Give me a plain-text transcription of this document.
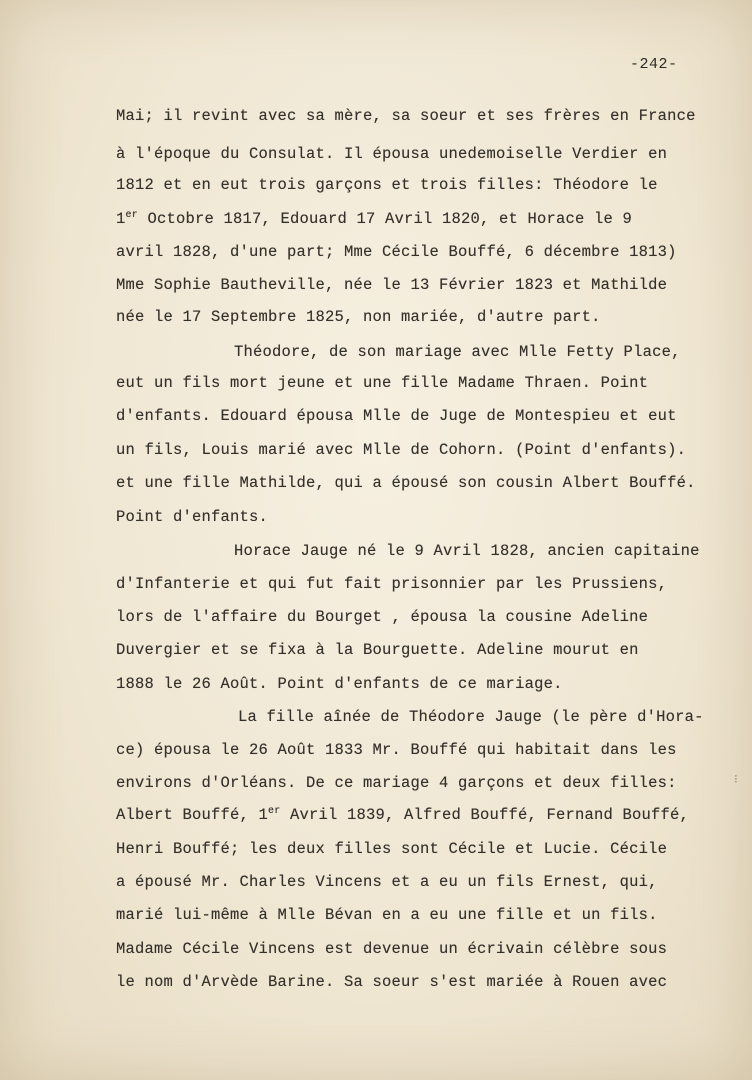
-242-
Mai; il revint avec sa mère, sa soeur et ses frères en France
à l'époque du Consulat. Il épousa unedemoiselle Verdier en
1812 et en eut trois garçons et trois filles: Théodore le
1er Octobre 1817, Edouard 17 Avril 1820, et Horace le 9
avril 1828, d'une part; Mme Cécile Bouffé, 6 décembre 1813)
Mme Sophie Bautheville, née le 13 Février 1823 et Mathilde
née le 17 Septembre 1825, non mariée, d'autre part.
Théodore, de son mariage avec Mlle Fetty Place,
eut un fils mort jeune et une fille Madame Thraen. Point
d'enfants. Edouard épousa Mlle de Juge de Montespieu et eut
un fils, Louis marié avec Mlle de Cohorn. (Point d'enfants).
et une fille Mathilde, qui a épousé son cousin Albert Bouffé.
Point d'enfants.
Horace Jauge né le 9 Avril 1828, ancien capitaine
d'Infanterie et qui fut fait prisonnier par les Prussiens,
lors de l'affaire du Bourget , épousa la cousine Adeline
Duvergier et se fixa à la Bourguette. Adeline mourut en
1888 le 26 Août. Point d'enfants de ce mariage.
La fille aînée de Théodore Jauge (le père d'Hora-
ce) épousa le 26 Août 1833 Mr. Bouffé qui habitait dans les
environs d'Orléans. De ce mariage 4 garçons et deux filles:
Albert Bouffé, 1er Avril 1839, Alfred Bouffé, Fernand Bouffé,
Henri Bouffé; les deux filles sont Cécile et Lucie. Cécile
a épousé Mr. Charles Vincens et a eu un fils Ernest, qui,
marié lui-même à Mlle Bévan en a eu une fille et un fils.
Madame Cécile Vincens est devenue un écrivain célèbre sous
le nom d'Arvède Barine. Sa soeur s'est mariée à Rouen avec
⁝
